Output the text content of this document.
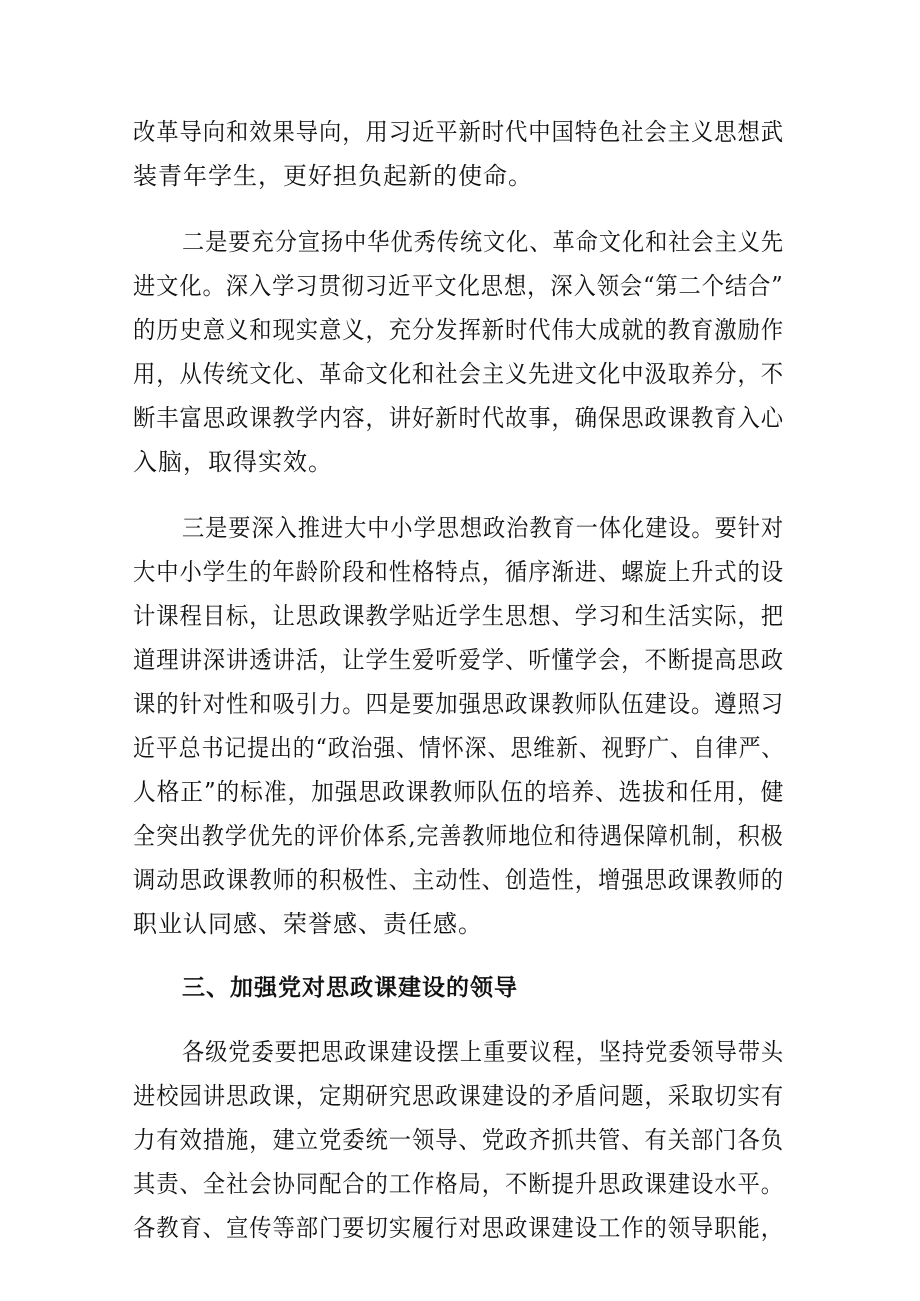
改革导向和效果导向，用习近平新时代中国特色社会主义思想武
装青年学生，更好担负起新的使命。
二是要充分宣扬中华优秀传统文化、革命文化和社会主义先
进文化。深入学习贯彻习近平文化思想，深入领会“第二个结合”
的历史意义和现实意义，充分发挥新时代伟大成就的教育激励作
用，从传统文化、革命文化和社会主义先进文化中汲取养分，不
断丰富思政课教学内容，讲好新时代故事，确保思政课教育入心
入脑，取得实效。
三是要深入推进大中小学思想政治教育一体化建设。要针对
大中小学生的年龄阶段和性格特点，循序渐进、螺旋上升式的设
计课程目标，让思政课教学贴近学生思想、学习和生活实际，把
道理讲深讲透讲活，让学生爱听爱学、听懂学会，不断提高思政
课的针对性和吸引力。四是要加强思政课教师队伍建设。遵照习
近平总书记提出的“政治强、情怀深、思维新、视野广、自律严、
人格正”的标准，加强思政课教师队伍的培养、选拔和任用，健
全突出教学优先的评价体系,完善教师地位和待遇保障机制，积极
调动思政课教师的积极性、主动性、创造性，增强思政课教师的
职业认同感、荣誉感、责任感。
三、加强党对思政课建设的领导
各级党委要把思政课建设摆上重要议程，坚持党委领导带头
进校园讲思政课，定期研究思政课建设的矛盾问题，采取切实有
力有效措施，建立党委统一领导、党政齐抓共管、有关部门各负
其责、全社会协同配合的工作格局，不断提升思政课建设水平。
各教育、宣传等部门要切实履行对思政课建设工作的领导职能，
